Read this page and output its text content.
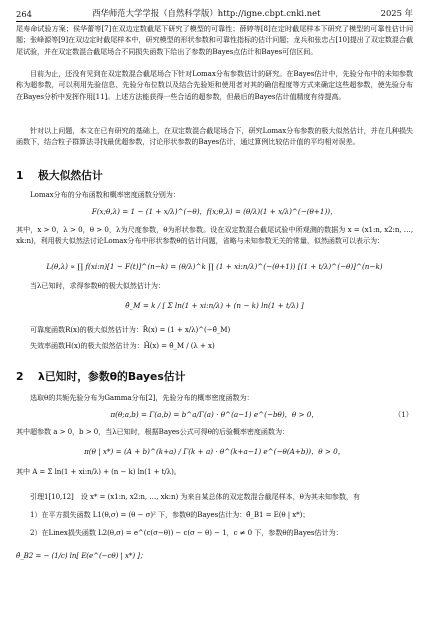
264	西华师范大学学报（自然科学版）http://igne.cbpt.cnki.net	2025 年
尾寿命试验方案；侯华蕾等[7]在双边定数截尾下研究了模型的可靠性；薛婷等[8]在定时截尾样本下研究了模型的可靠性估计问题；张峰源等[9]在双边定时截尾样本中，研究模型的形状参数和可靠性指标的估计问题；龙兵和张忠占[10]提出了双定数混合截尾试验，并在双定数混合截尾场合不同损失函数下给出了参数的Bayes点估计和Bayes可信区间。
目前为止，还没有见到在双定数混合截尾场合下针对Lomax分布参数估计的研究。在Bayes估计中，先验分布中的未知参数称为超参数，可以利用先验信息、先验分布位数以及结合先验矩和使用者对其的确信程度等方式来确定这些超参数，使先验分布在Bayes分析中发挥作用[11]。上述方法能获得一些合适的超参数，但最后的Bayes估计值精度有待提高。
针对以上问题，本文在已有研究的基础上，在双定数混合截尾场合下，研究Lomax分布参数的极大似然估计，并在几种损失函数下，结合粒子群算法寻找最优超参数，讨论形状参数的Bayes估计，通过算例比较估计值的平均相对误差。
1 极大似然估计
Lomax分布的分布函数和概率密度函数分别为：
F(x;θ,λ) = 1 − (1 + x/λ)^(−θ)，f(x;θ,λ) = (θ/λ)(1 + x/λ)^(−(θ+1))，
其中，x > 0，λ > 0，θ > 0，λ为尺度参数，θ为形状参数。设在双定数混合截尾试验中所观测的数据为 x = (x1:n, x2:n, …, xk:n)，利用极大似然法讨论Lomax分布中形状参数θ的估计问题，省略与未知参数无关的常量，似然函数可以表示为：
L(θ,λ) ∝ ∏ f(xi:n)[1 − F(t)]^(n−k) = (θ/λ)^k ∏ (1 + xi:n/λ)^(−(θ+1)) [(1 + t/λ)^(−θ)]^(n−k)
当λ已知时，求得参数θ的极大似然估计为：
θ̂_M = k / [ Σ ln(1 + xi:n/λ) + (n − k) ln(1 + t/λ) ]
可靠度函数R(x)的极大似然估计为：R̂(x) = (1 + x/λ)^(−θ̂_M)
失效率函数H(x)的极大似然估计为：Ĥ(x) = θ̂_M / (λ + x)
2 λ已知时，参数θ的Bayes估计
选取θ的共轭先验分布为Gamma分布[2]，先验分布的概率密度函数为：
π(θ;a,b) = Γ(a,b) = b^a/Γ(a) · θ^(a−1) e^(−bθ)，θ > 0，	（1）
其中超参数 a > 0，b > 0，当λ已知时，根据Bayes公式可得θ的后验概率密度函数为：
π(θ | x*) = (A + b)^(k+a) / Γ(k + a) · θ^(k+a−1) e^(−θ(A+b))，θ > 0，
其中 A = Σ ln(1 + xi:n/λ) + (n − k) ln(1 + t/λ)。
引理1[10,12]　设 x* = (x1:n, x2:n, …, xk:n) 为来自某总体的双定数混合截尾样本，θ为其未知参数，有
1）在平方损失函数 L1(θ,σ) = (θ − σ)² 下，参数θ的Bayes估计为：θ̂_B1 = E(θ | x*)；
2）在Linex损失函数 L2(θ,σ) = e^(c(σ−θ)) − c(σ − θ) − 1，c ≠ 0 下，参数θ的Bayes估计为：
θ̂_B2 = − (1/c) ln[ E(e^(−cθ) | x*) ]；
